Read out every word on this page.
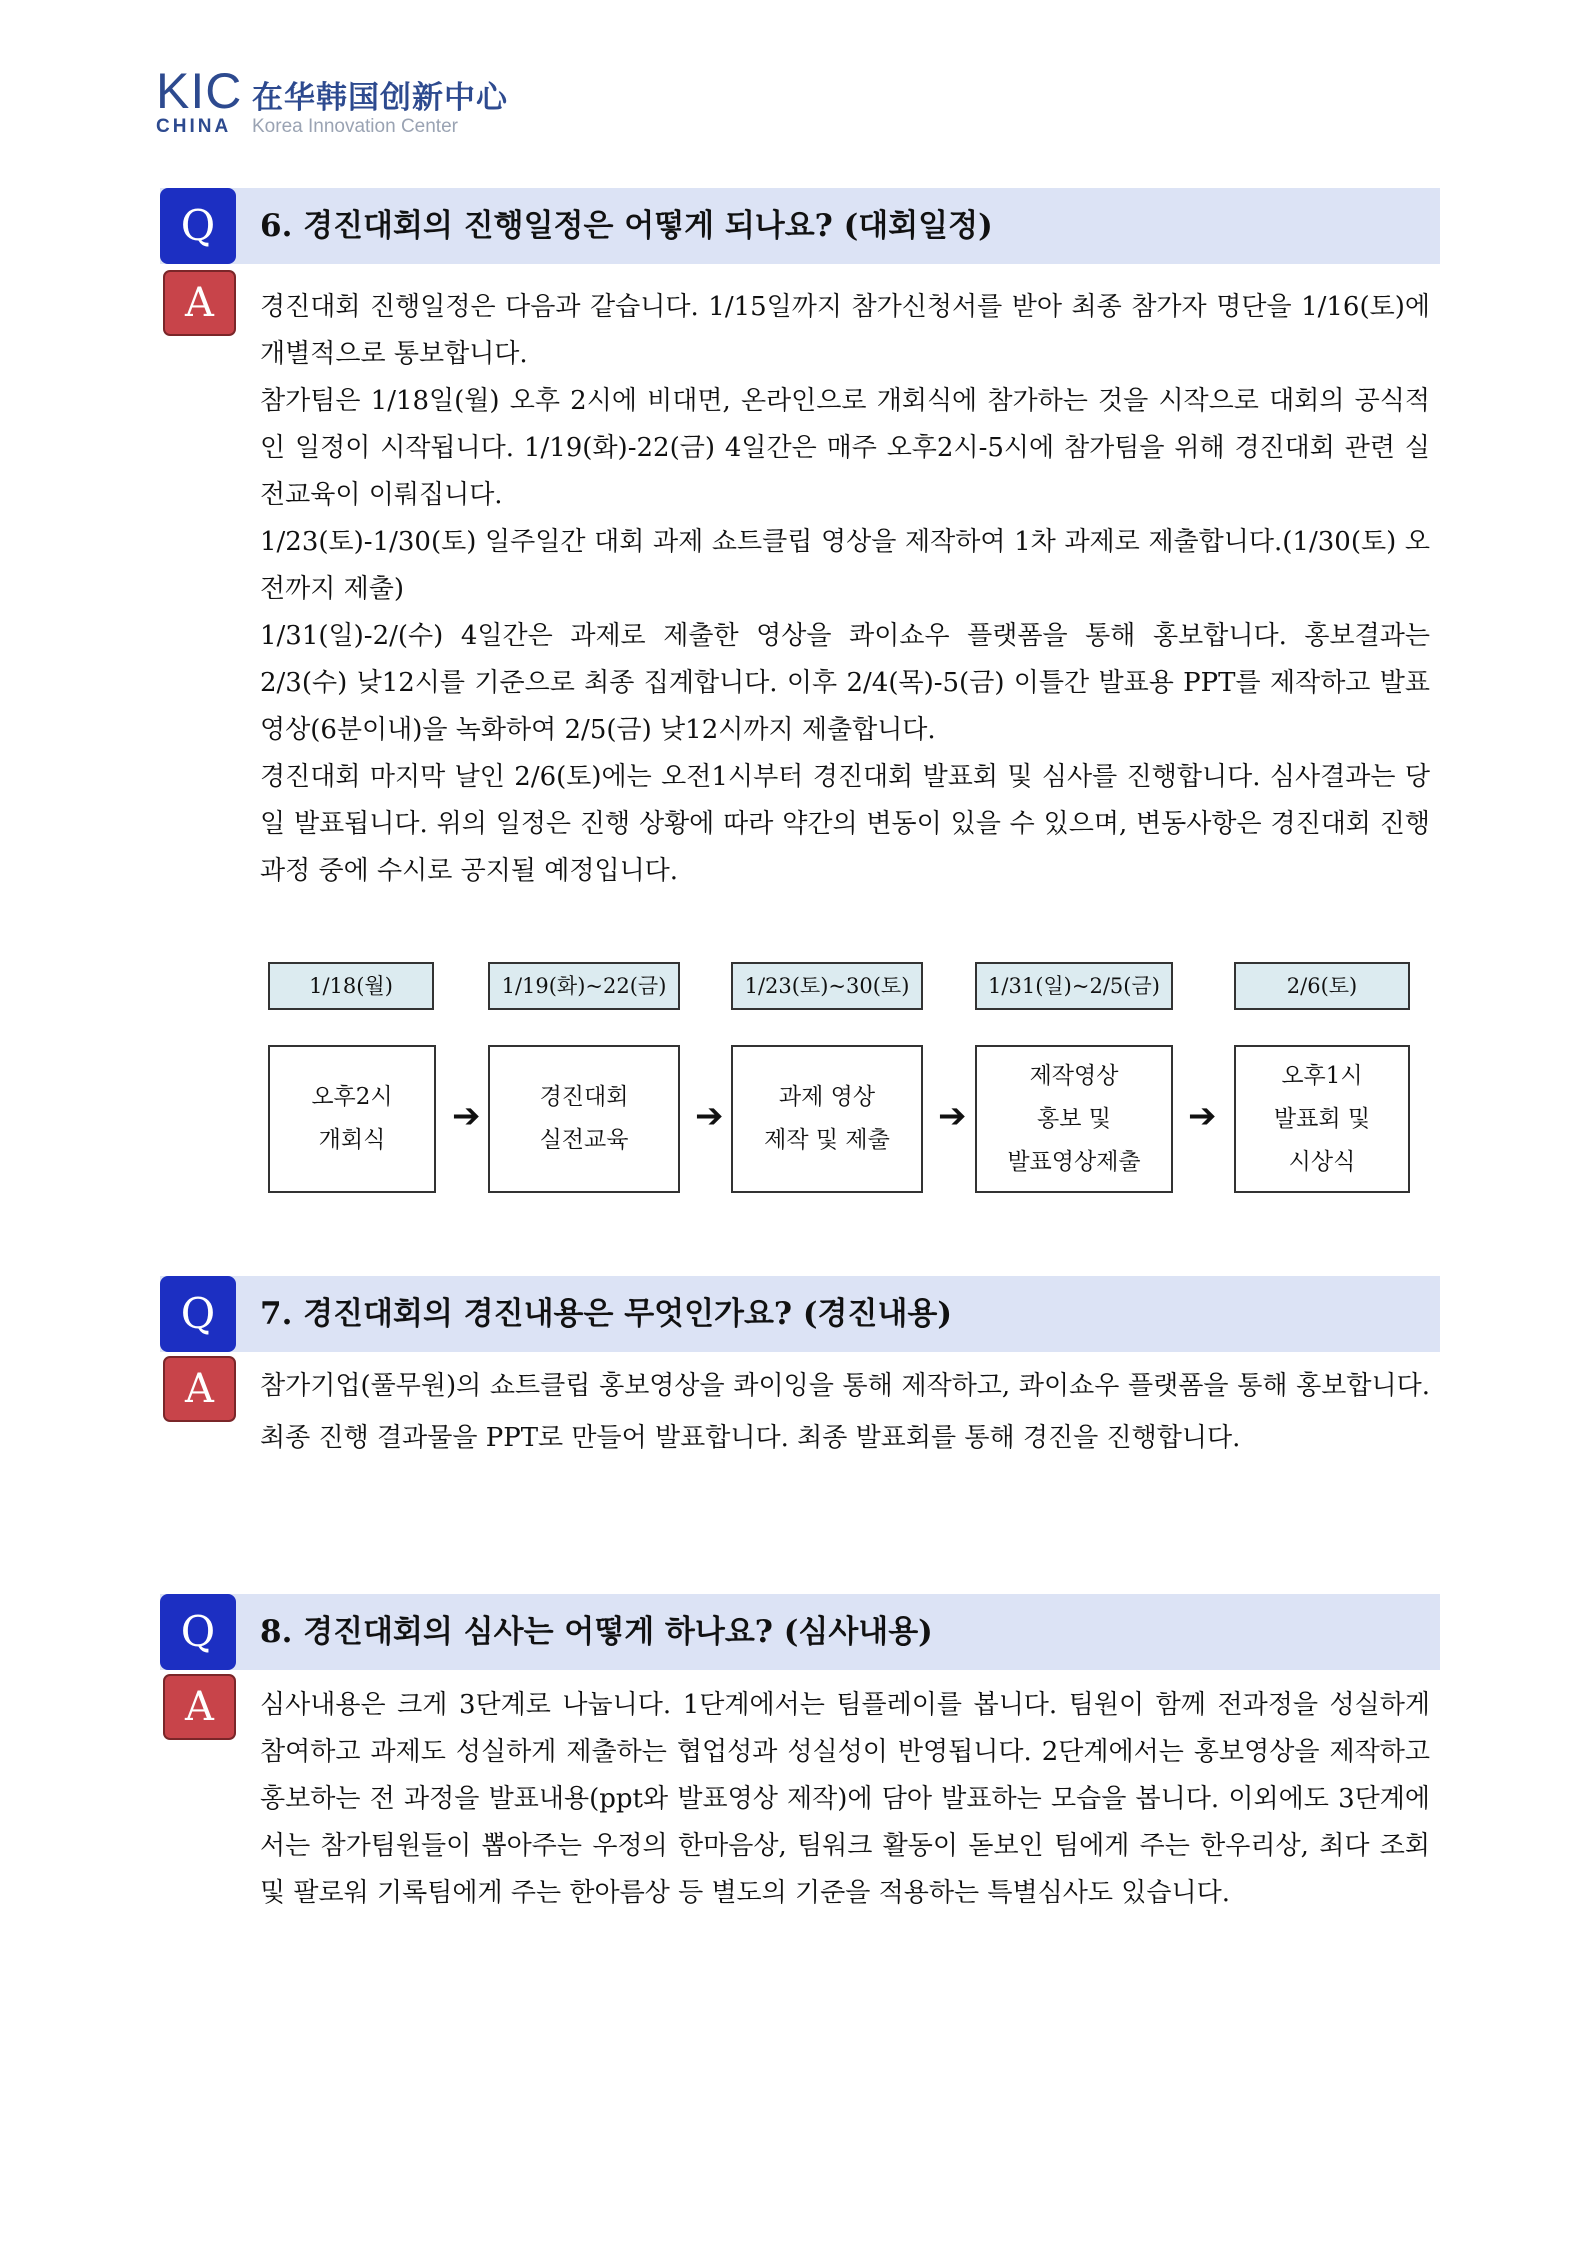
KIC 在华韩国创新中心
CHINA Korea Innovation Center
Q	6. 경진대회의 진행일정은 어떻게 되나요? (대회일정)
A	경진대회 진행일정은 다음과 같습니다. 1/15일까지 참가신청서를 받아 최종 참가자 명단을 1/16(토)에 개별적으로 통보합니다.

참가팀은 1/18일(월) 오후 2시에 비대면, 온라인으로 개회식에 참가하는 것을 시작으로 대회의 공식적인 일정이 시작됩니다. 1/19(화)-22(금) 4일간은 매주 오후2시-5시에 참가팀을 위해 경진대회 관련 실전교육이 이뤄집니다.

1/23(토)-1/30(토) 일주일간 대회 과제 쇼트클립 영상을 제작하여 1차 과제로 제출합니다.(1/30(토) 오전까지 제출)

1/31(일)-2/(수) 4일간은 과제로 제출한 영상을 콰이쇼우 플랫폼을 통해 홍보합니다. 홍보결과는 2/3(수) 낮12시를 기준으로 최종 집계합니다. 이후 2/4(목)-5(금) 이틀간 발표용 PPT를 제작하고 발표영상(6분이내)을 녹화하여 2/5(금) 낮12시까지 제출합니다.

경진대회 마지막 날인 2/6(토)에는 오전1시부터 경진대회 발표회 및 심사를 진행합니다. 심사결과는 당일 발표됩니다. 위의 일정은 진행 상황에 따라 약간의 변동이 있을 수 있으며, 변동사항은 경진대회 진행과정 중에 수시로 공지될 예정입니다.

1/18(월)	1/19(화)~22(금)	1/23(토)~30(토)	1/31(일)~2/5(금)	2/6(토)
오후2시
개회식
➔	경진대회
실전교육
➔	과제 영상
제작 및 제출
➔
제작영상
홍보 및
발표영상제출
➔
오후1시
발표회 및
시상식
Q	7. 경진대회의 경진내용은 무엇인가요? (경진내용)
A	참가기업(풀무원)의 쇼트클립 홍보영상을 콰이잉을 통해 제작하고, 콰이쇼우 플랫폼을 통해 홍보합니다. 최종 진행 결과물을 PPT로 만들어 발표합니다. 최종 발표회를 통해 경진을 진행합니다.

Q	8. 경진대회의 심사는 어떻게 하나요? (심사내용)
A	심사내용은 크게 3단계로 나눕니다. 1단계에서는 팀플레이를 봅니다. 팀원이 함께 전과정을 성실하게 참여하고 과제도 성실하게 제출하는 협업성과 성실성이 반영됩니다. 2단계에서는 홍보영상을 제작하고 홍보하는 전 과정을 발표내용(ppt와 발표영상 제작)에 담아 발표하는 모습을 봅니다. 이외에도 3단계에서는 참가팀원들이 뽑아주는 우정의 한마음상, 팀워크 활동이 돋보인 팀에게 주는 한우리상, 최다 조회 및 팔로워 기록팀에게 주는 한아름상 등 별도의 기준을 적용하는 특별심사도 있습니다.
